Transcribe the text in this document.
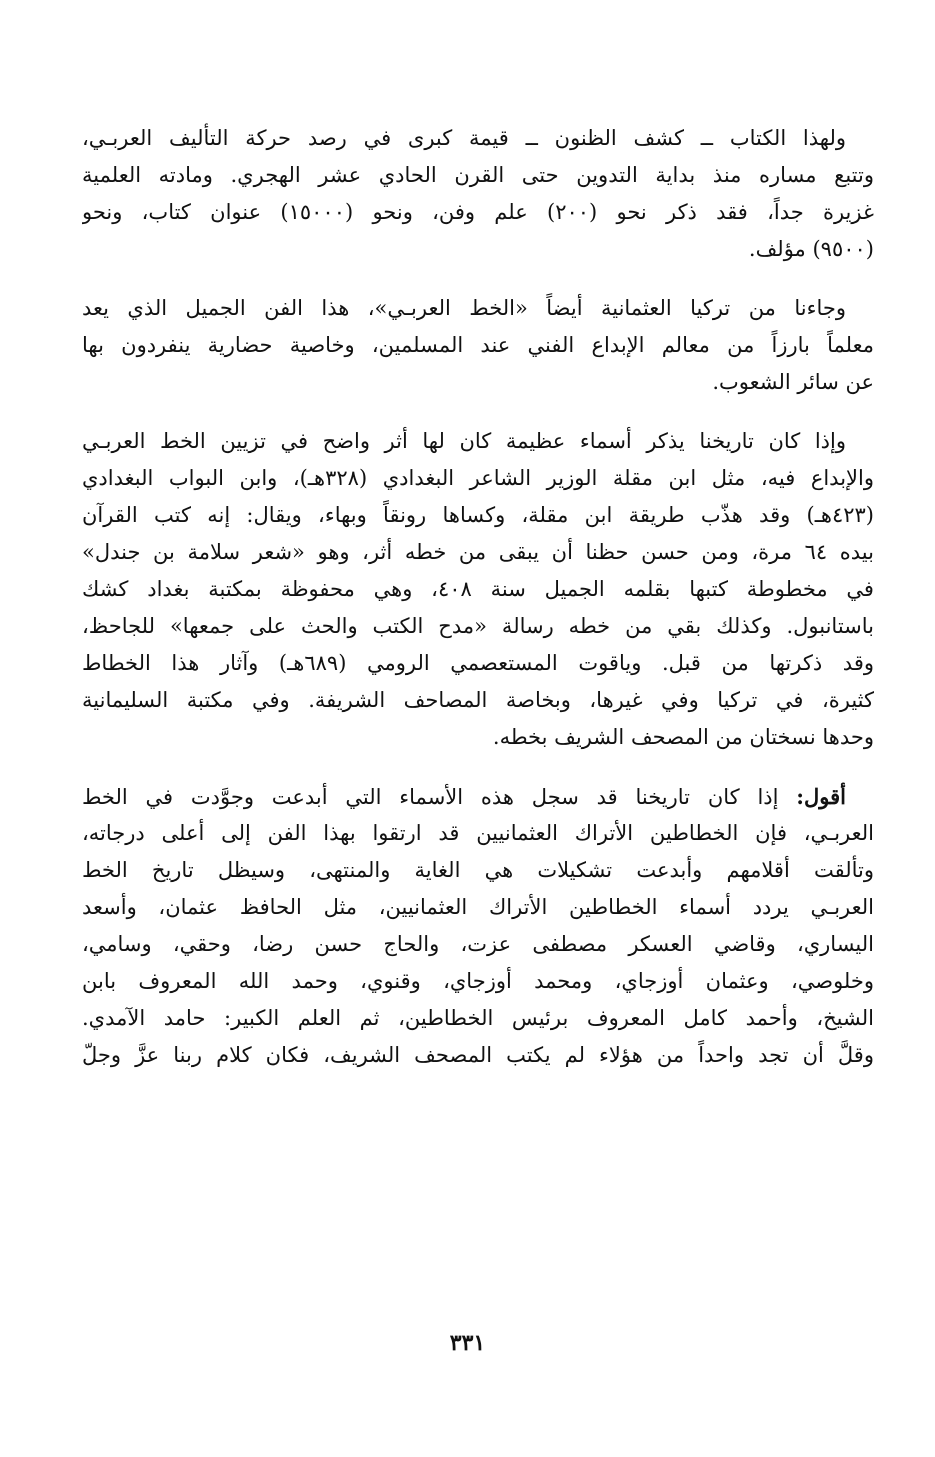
ولهذا الكتاب ــ كشف الظنون ــ قيمة كبرى في رصد حركة التأليف العربـي،
وتتبع مساره منذ بداية التدوين حتى القرن الحادي عشر الهجري. ومادته العلمية
غزيرة جداً، فقد ذكر نحو (٢٠٠) علم وفن، ونحو (١٥٠٠٠) عنوان كتاب، ونحو
(٩٥٠٠) مؤلف.
وجاءنا من تركيا العثمانية أيضاً «الخط العربـي»، هذا الفن الجميل الذي يعد
معلماً بارزاً من معالم الإبداع الفني عند المسلمين، وخاصية حضارية ينفردون بها
عن سائر الشعوب.
وإذا كان تاريخنا يذكر أسماء عظيمة كان لها أثر واضح في تزيين الخط العربـي
والإبداع فيه، مثل ابن مقلة الوزير الشاعر البغدادي (٣٢٨هـ)، وابن البواب البغدادي
(٤٢٣هـ) وقد هذّب طريقة ابن مقلة، وكساها رونقاً وبهاء، ويقال: إنه كتب القرآن
بيده ٦٤ مرة، ومن حسن حظنا أن يبقى من خطه أثر، وهو «شعر سلامة بن جندل»
في مخطوطة كتبها بقلمه الجميل سنة ٤٠٨، وهي محفوظة بمكتبة بغداد كشك
باستانبول. وكذلك بقي من خطه رسالة «مدح الكتب والحث على جمعها» للجاحظ،
وقد ذكرتها من قبل. وياقوت المستعصمي الرومي (٦٨٩هـ) وآثار هذا الخطاط
كثيرة، في تركيا وفي غيرها، وبخاصة المصاحف الشريفة. وفي مكتبة السليمانية
وحدها نسختان من المصحف الشريف بخطه.
أقول: إذا كان تاريخنا قد سجل هذه الأسماء التي أبدعت وجوَّدت في الخط
العربـي، فإن الخطاطين الأتراك العثمانيين قد ارتقوا بهذا الفن إلى أعلى درجاته،
وتألقت أقلامهم وأبدعت تشكيلات هي الغاية والمنتهى، وسيظل تاريخ الخط
العربـي يردد أسماء الخطاطين الأتراك العثمانيين، مثل الحافظ عثمان، وأسعد
اليساري، وقاضي العسكر مصطفى عزت، والحاج حسن رضا، وحقي، وسامي،
وخلوصي، وعثمان أوزجاي، ومحمد أوزجاي، وقنوي، وحمد الله المعروف بابن
الشيخ، وأحمد كامل المعروف برئيس الخطاطين، ثم العلم الكبير: حامد الآمدي.
وقلَّ أن تجد واحداً من هؤلاء لم يكتب المصحف الشريف، فكان كلام ربنا عزَّ وجلّ
٣٣١
